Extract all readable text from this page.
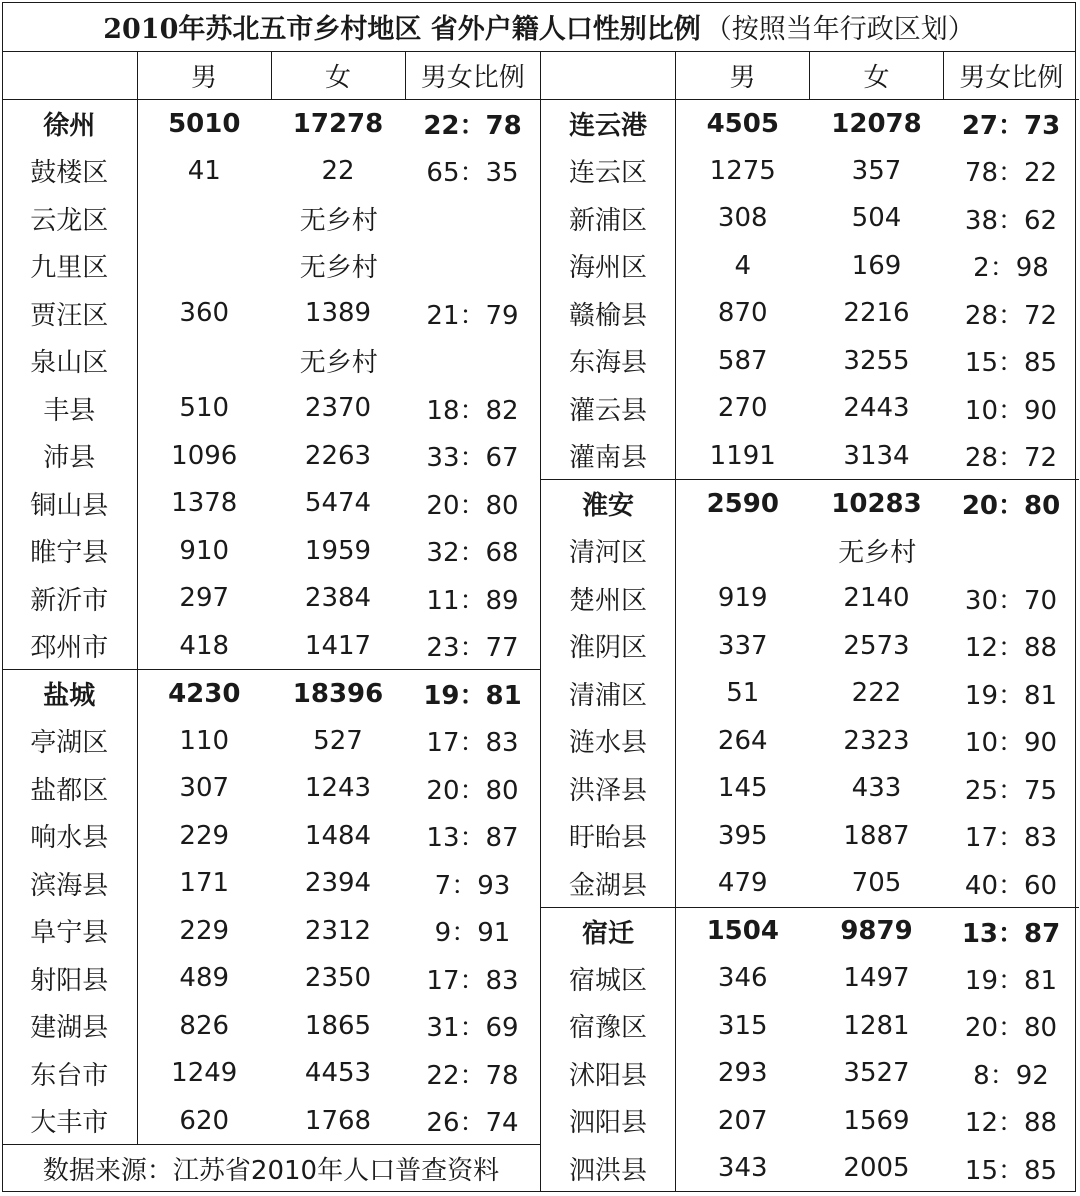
2010年苏北五市乡村地区 省外户籍人口性别比例 （按照当年行政区划）
	男	女	男女比例
徐州	5010	17278	22：78
鼓楼区	41	22	65：35
云龙区	无乡村		
九里区	无乡村		
贾汪区	360	1389	21：79
泉山区	无乡村		
丰县	510	2370	18：82
沛县	1096	2263	33：67
铜山县	1378	5474	20：80
睢宁县	910	1959	32：68
新沂市	297	2384	11：89
邳州市	418	1417	23：77
盐城	4230	18396	19：81
亭湖区	110	527	17：83
盐都区	307	1243	20：80
响水县	229	1484	13：87
滨海县	171	2394	7：93
阜宁县	229	2312	9：91
射阳县	489	2350	17：83
建湖县	826	1865	31：69
东台市	1249	4453	22：78
大丰市	620	1768	26：74
数据来源：江苏省2010年人口普查资料			
	男	女	男女比例
连云港	4505	12078	27：73
连云区	1275	357	78：22
新浦区	308	504	38：62
海州区	4	169	2：98
赣榆县	870	2216	28：72
东海县	587	3255	15：85
灌云县	270	2443	10：90
灌南县	1191	3134	28：72
淮安	2590	10283	20：80
清河区	无乡村		
楚州区	919	2140	30：70
淮阴区	337	2573	12：88
清浦区	51	222	19：81
涟水县	264	2323	10：90
洪泽县	145	433	25：75
盱眙县	395	1887	17：83
金湖县	479	705	40：60
宿迁	1504	9879	13：87
宿城区	346	1497	19：81
宿豫区	315	1281	20：80
沭阳县	293	3527	8：92
泗阳县	207	1569	12：88
泗洪县	343	2005	15：85
